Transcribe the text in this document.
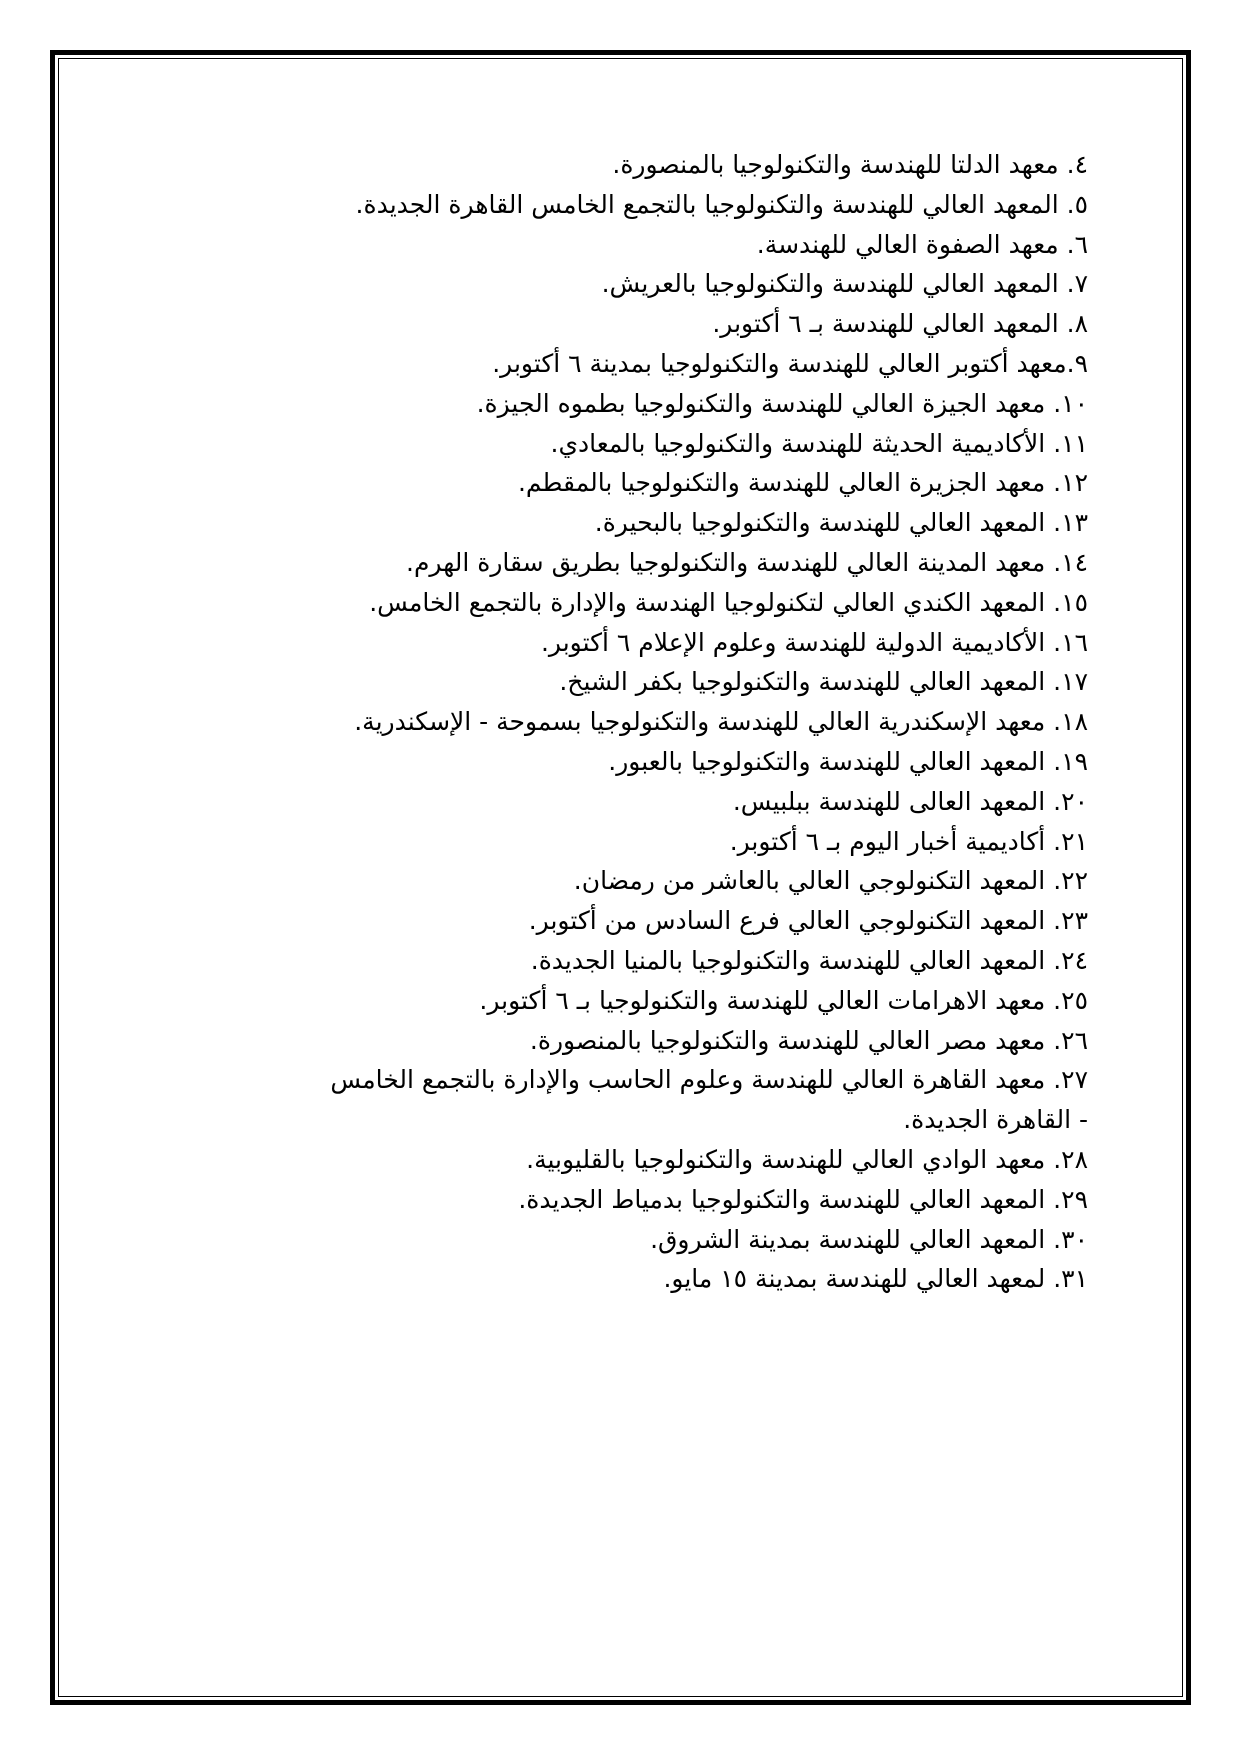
٤. معهد الدلتا للهندسة والتكنولوجيا بالمنصورة.
٥. المعهد العالي للهندسة والتكنولوجيا بالتجمع الخامس القاهرة الجديدة.
٦. معهد الصفوة العالي للهندسة.
٧. المعهد العالي للهندسة والتكنولوجيا بالعريش.
٨. المعهد العالي للهندسة بـ ٦ أكتوبر.
٩.معهد أكتوبر العالي للهندسة والتكنولوجيا بمدينة ٦ أكتوبر.
١٠. معهد الجيزة العالي للهندسة والتكنولوجيا بطموه الجيزة.
١١. الأكاديمية الحديثة للهندسة والتكنولوجيا بالمعادي.
١٢. معهد الجزيرة العالي للهندسة والتكنولوجيا بالمقطم.
١٣. المعهد العالي للهندسة والتكنولوجيا بالبحيرة.
١٤. معهد المدينة العالي للهندسة والتكنولوجيا بطريق سقارة الهرم.
١٥. المعهد الكندي العالي لتكنولوجيا الهندسة والإدارة بالتجمع الخامس.
١٦. الأكاديمية الدولية للهندسة وعلوم الإعلام ٦ أكتوبر.
١٧. المعهد العالي للهندسة والتكنولوجيا بكفر الشيخ.
١٨. معهد الإسكندرية العالي للهندسة والتكنولوجيا بسموحة - الإسكندرية.
١٩. المعهد العالي للهندسة والتكنولوجيا بالعبور.
٢٠. المعهد العالى للهندسة ببلبيس.
٢١. أكاديمية أخبار اليوم بـ ٦ أكتوبر.
٢٢. المعهد التكنولوجي العالي بالعاشر من رمضان.
٢٣. المعهد التكنولوجي العالي فرع السادس من أكتوبر.
٢٤. المعهد العالي للهندسة والتكنولوجيا بالمنيا الجديدة.
٢٥. معهد الاهرامات العالي للهندسة والتكنولوجيا بـ ٦ أكتوبر.
٢٦. معهد مصر العالي للهندسة والتكنولوجيا بالمنصورة.
٢٧. معهد القاهرة العالي للهندسة وعلوم الحاسب والإدارة بالتجمع الخامس - القاهرة الجديدة.
٢٨. معهد الوادي العالي للهندسة والتكنولوجيا بالقليوبية.
٢٩. المعهد العالي للهندسة والتكنولوجيا بدمياط الجديدة.
٣٠. المعهد العالي للهندسة بمدينة الشروق.
٣١. لمعهد العالي للهندسة بمدينة ١٥ مايو.
